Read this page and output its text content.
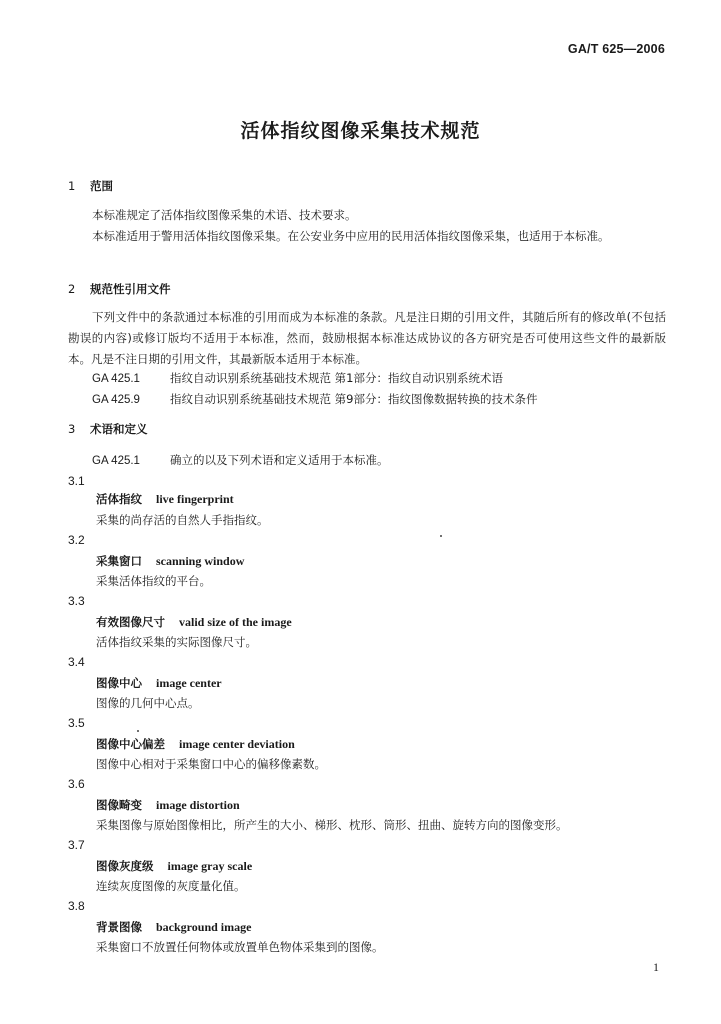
GA/T 625—2006
活体指纹图像采集技术规范
1 范围
本标准规定了活体指纹图像采集的术语、技术要求。
本标准适用于警用活体指纹图像采集。在公安业务中应用的民用活体指纹图像采集，也适用于本标准。
2 规范性引用文件
下列文件中的条款通过本标准的引用而成为本标准的条款。凡是注日期的引用文件，其随后所有的修改单(不包括勘误的内容)或修订版均不适用于本标准，然而，鼓励根据本标准达成协议的各方研究是否可使用这些文件的最新版本。凡是不注日期的引用文件，其最新版本适用于本标准。
GA 425.1	指纹自动识别系统基础技术规范 第1部分：指纹自动识别系统术语
GA 425.9	指纹自动识别系统基础技术规范 第9部分：指纹图像数据转换的技术条件
3 术语和定义
GA 425.1	确立的以及下列术语和定义适用于本标准。
3.1
活体指纹 live fingerprint
采集的尚存活的自然人手指指纹。
3.2
采集窗口 scanning window
采集活体指纹的平台。
3.3
有效图像尺寸 valid size of the image
活体指纹采集的实际图像尺寸。
3.4
图像中心 image center
图像的几何中心点。
3.5
图像中心偏差 image center deviation
图像中心相对于采集窗口中心的偏移像素数。
3.6
图像畸变 image distortion
采集图像与原始图像相比，所产生的大小、梯形、枕形、筒形、扭曲、旋转方向的图像变形。
3.7
图像灰度级 image gray scale
连续灰度图像的灰度量化值。
3.8
背景图像 background image
采集窗口不放置任何物体或放置单色物体采集到的图像。
1
